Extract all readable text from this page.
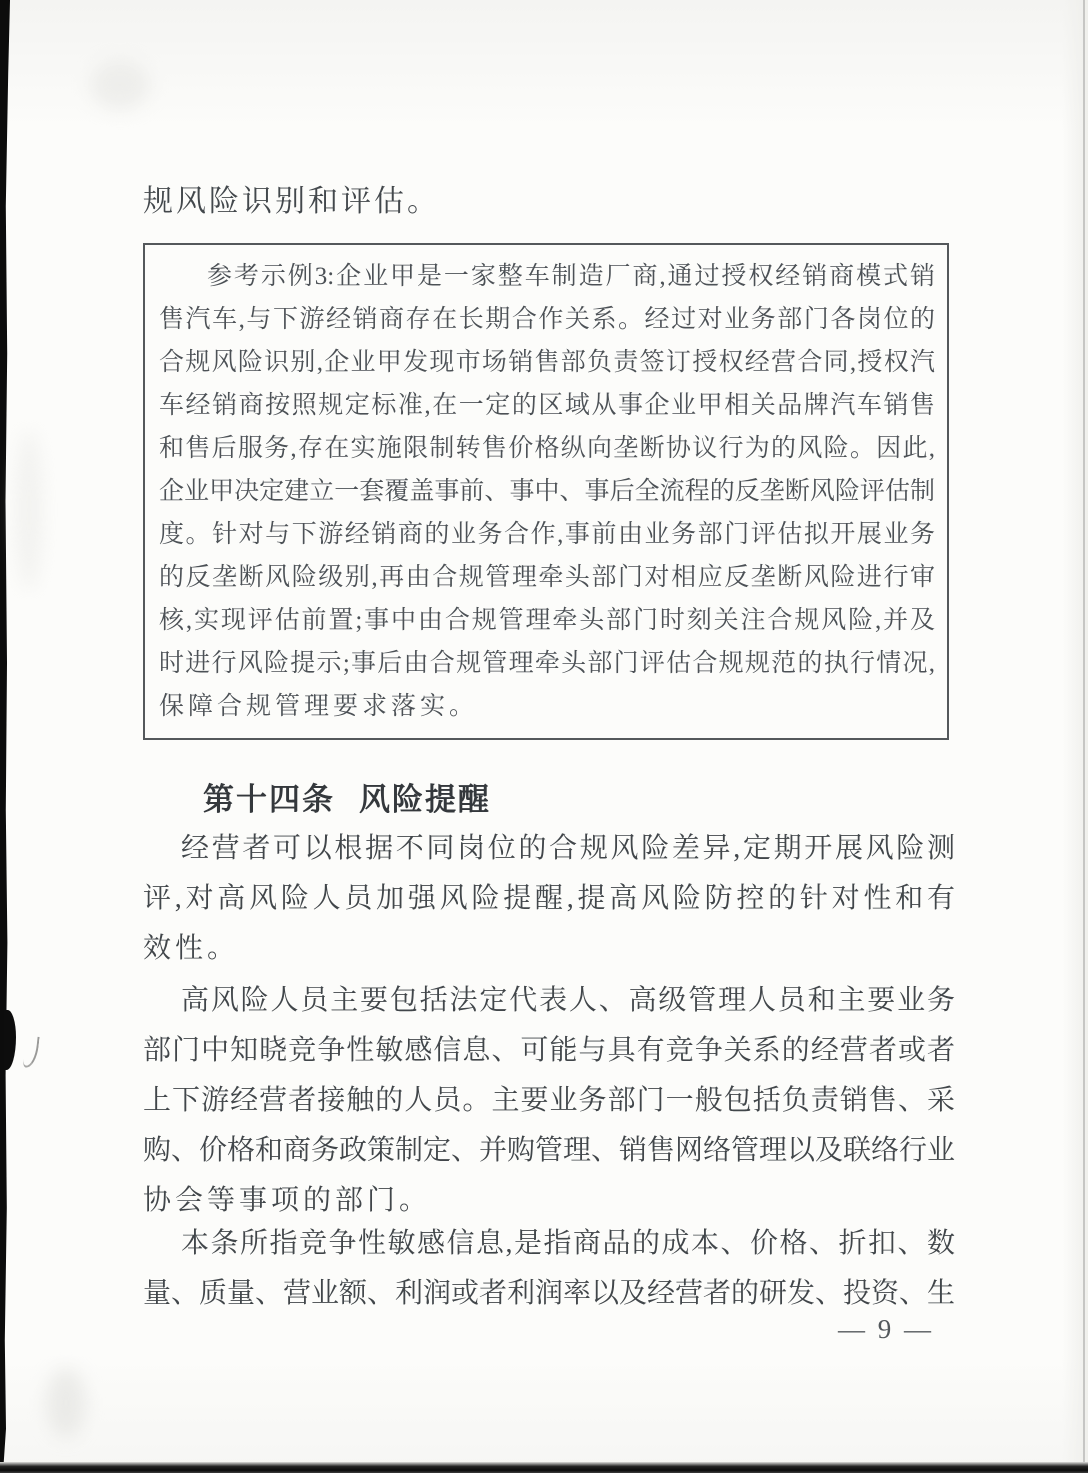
规风险识别和评估。
参考示例3:企业甲是一家整车制造厂商,通过授权经销商模式销
售汽车,与下游经销商存在长期合作关系。经过对业务部门各岗位的
合规风险识别,企业甲发现市场销售部负责签订授权经营合同,授权汽
车经销商按照规定标准,在一定的区域从事企业甲相关品牌汽车销售
和售后服务,存在实施限制转售价格纵向垄断协议行为的风险。因此,
企业甲决定建立一套覆盖事前、事中、事后全流程的反垄断风险评估制
度。针对与下游经销商的业务合作,事前由业务部门评估拟开展业务
的反垄断风险级别,再由合规管理牵头部门对相应反垄断风险进行审
核,实现评估前置;事中由合规管理牵头部门时刻关注合规风险,并及
时进行风险提示;事后由合规管理牵头部门评估合规规范的执行情况,
保障合规管理要求落实。
第十四条 风险提醒
经营者可以根据不同岗位的合规风险差异,定期开展风险测
评,对高风险人员加强风险提醒,提高风险防控的针对性和有
效性。
高风险人员主要包括法定代表人、高级管理人员和主要业务
部门中知晓竞争性敏感信息、可能与具有竞争关系的经营者或者
上下游经营者接触的人员。主要业务部门一般包括负责销售、采
购、价格和商务政策制定、并购管理、销售网络管理以及联络行业
协会等事项的部门。
本条所指竞争性敏感信息,是指商品的成本、价格、折扣、数
量、质量、营业额、利润或者利润率以及经营者的研发、投资、生
— 9 —
